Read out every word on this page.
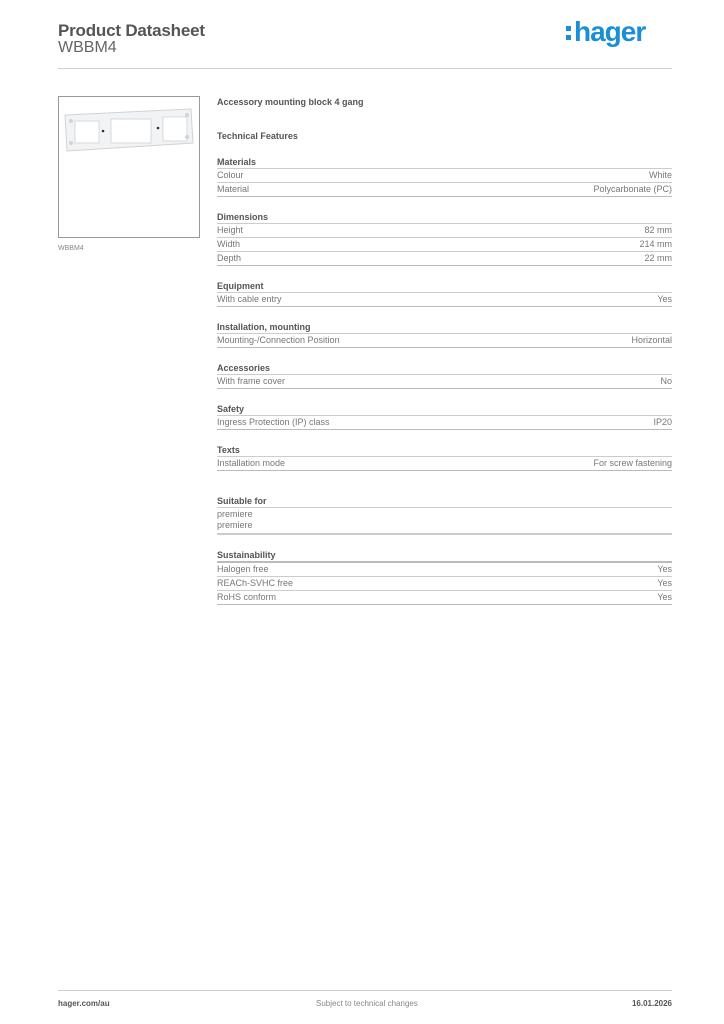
Product Datasheet
WBBM4
hager
WBBM4
Accessory mounting block 4 gang
Technical Features
Materials
Colour	White
Material	Polycarbonate (PC)
Dimensions
Height	82 mm
Width	214 mm
Depth	22 mm
Equipment
With cable entry	Yes
Installation, mounting
Mounting-/Connection Position	Horizontal
Accessories
With frame cover	No
Safety
Ingress Protection (IP) class	IP20
Texts
Installation mode	For screw fastening
Suitable for
premiere
premiere
Sustainability
Halogen free	Yes
REACh-SVHC free	Yes
RoHS conform	Yes
hager.com/au	Subject to technical changes	16.01.2026
